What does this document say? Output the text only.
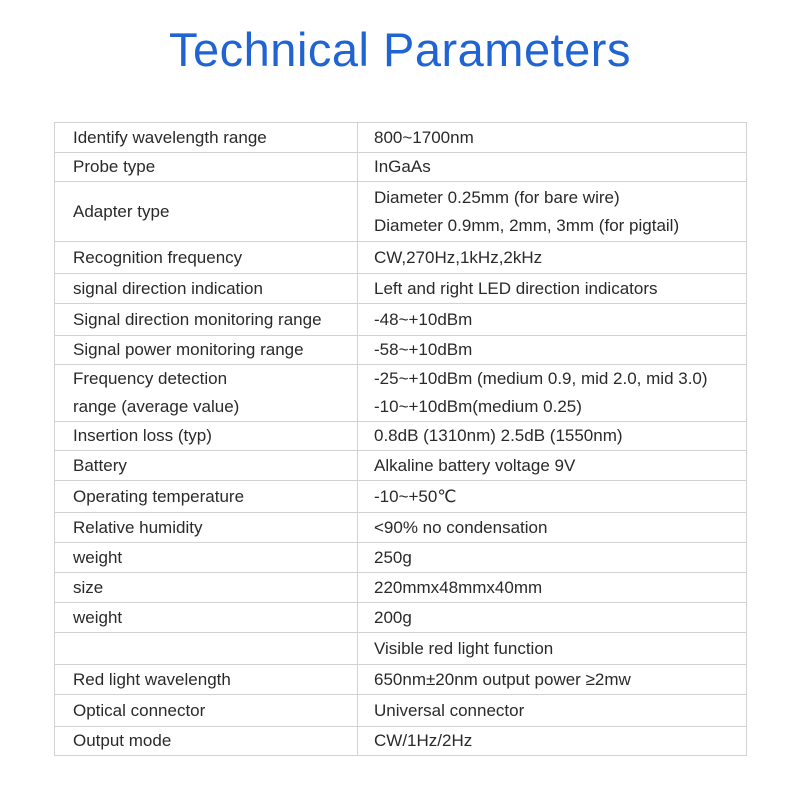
Technical Parameters
Identify wavelength range	800~1700nm

Probe type	InGaAs

Adapter type	Diameter 0.25mm (for bare wire)
Diameter 0.9mm, 2mm, 3mm (for pigtail)

Recognition frequency	CW,270Hz,1kHz,2kHz

signal direction indication	Left and right LED direction indicators

Signal direction monitoring range	-48~+10dBm

Signal power monitoring range	-58~+10dBm

Frequency detection
range (average value)	-25~+10dBm (medium 0.9, mid 2.0, mid 3.0)
-10~+10dBm(medium 0.25)

Insertion loss (typ)	0.8dB (1310nm) 2.5dB (1550nm)

Battery	Alkaline battery voltage 9V

Operating temperature	-10~+50℃

Relative humidity	<90% no condensation

weight	250g

size	220mmx48mmx40mm

weight	200g

	Visible red light function

Red light wavelength	650nm±20nm output power ≥2mw

Optical connector	Universal connector

Output mode	CW/1Hz/2Hz
